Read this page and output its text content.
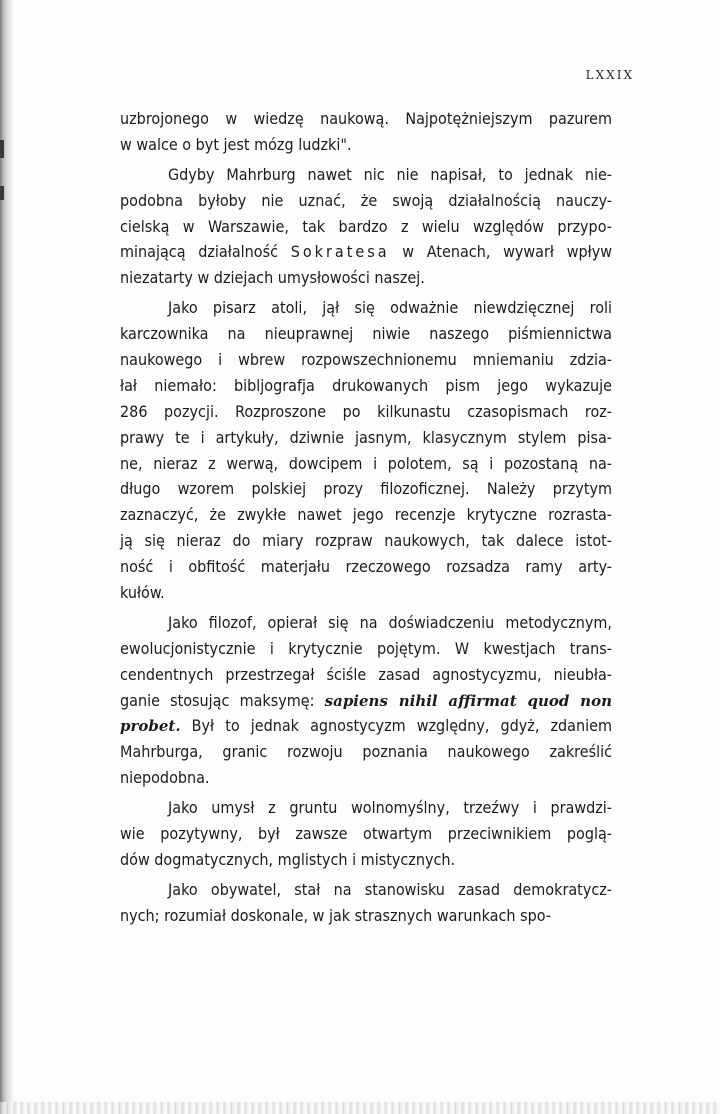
LXXIX
uzbrojonego w wiedzę naukową. Najpotężniejszym pazurem
w walce o byt jest mózg ludzki".
Gdyby Mahrburg nawet nic nie napisał, to jednak nie-
podobna byłoby nie uznać, że swoją działalnością nauczy-
cielską w Warszawie, tak bardzo z wielu względów przypo-
minającą działalność Sokratesa w Atenach, wywarł wpływ
niezatarty w dziejach umysłowości naszej.
Jako pisarz atoli, jął się odważnie niewdzięcznej roli
karczownika na nieuprawnej niwie naszego piśmiennictwa
naukowego i wbrew rozpowszechnionemu mniemaniu zdzia-
łał niemało: bibljografja drukowanych pism jego wykazuje
286 pozycji. Rozproszone po kilkunastu czasopismach roz-
prawy te i artykuły, dziwnie jasnym, klasycznym stylem pisa-
ne, nieraz z werwą, dowcipem i polotem, są i pozostaną na-
długo wzorem polskiej prozy filozoficznej. Należy przytym
zaznaczyć, że zwykłe nawet jego recenzje krytyczne rozrasta-
ją się nieraz do miary rozpraw naukowych, tak dalece istot-
ność i obfitość materjału rzeczowego rozsadza ramy arty-
kułów.
Jako filozof, opierał się na doświadczeniu metodycznym,
ewolucjonistycznie i krytycznie pojętym. W kwestjach trans-
cendentnych przestrzegał ściśle zasad agnostycyzmu, nieubła-
ganie stosując maksymę: sapiens nihil affirmat quod non
probet. Był to jednak agnostycyzm względny, gdyż, zdaniem
Mahrburga, granic rozwoju poznania naukowego zakreślić
niepodobna.
Jako umysł z gruntu wolnomyślny, trzeźwy i prawdzi-
wie pozytywny, był zawsze otwartym przeciwnikiem poglą-
dów dogmatycznych, mglistych i mistycznych.
Jako obywatel, stał na stanowisku zasad demokratycz-
nych; rozumiał doskonale, w jak strasznych warunkach spo-
